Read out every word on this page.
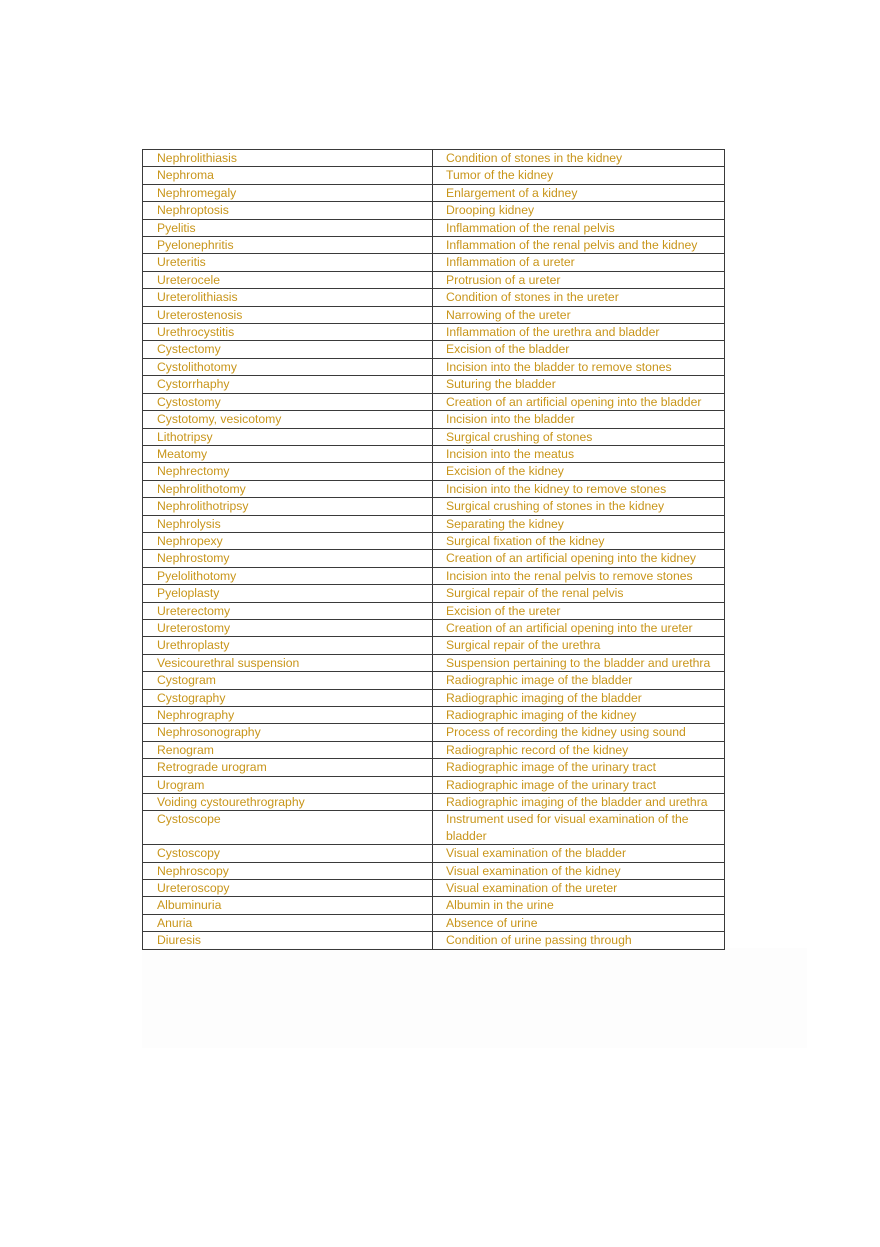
Nephrolithiasis	Condition of stones in the kidney
Nephroma	Tumor of the kidney
Nephromegaly	Enlargement of a kidney
Nephroptosis	Drooping kidney
Pyelitis	Inflammation of the renal pelvis
Pyelonephritis	Inflammation of the renal pelvis and the kidney
Ureteritis	Inflammation of a ureter
Ureterocele	Protrusion of a ureter
Ureterolithiasis	Condition of stones in the ureter
Ureterostenosis	Narrowing of the ureter
Urethrocystitis	Inflammation of the urethra and bladder
Cystectomy	Excision of the bladder
Cystolithotomy	Incision into the bladder to remove stones
Cystorrhaphy	Suturing the bladder
Cystostomy	Creation of an artificial opening into the bladder
Cystotomy, vesicotomy	Incision into the bladder
Lithotripsy	Surgical crushing of stones
Meatomy	Incision into the meatus
Nephrectomy	Excision of the kidney
Nephrolithotomy	Incision into the kidney to remove stones
Nephrolithotripsy	Surgical crushing of stones in the kidney
Nephrolysis	Separating the kidney
Nephropexy	Surgical fixation of the kidney
Nephrostomy	Creation of an artificial opening into the kidney
Pyelolithotomy	Incision into the renal pelvis to remove stones
Pyeloplasty	Surgical repair of the renal pelvis
Ureterectomy	Excision of the ureter
Ureterostomy	Creation of an artificial opening into the ureter
Urethroplasty	Surgical repair of the urethra
Vesicourethral suspension	Suspension pertaining to the bladder and urethra
Cystogram	Radiographic image of the bladder
Cystography	Radiographic imaging of the bladder
Nephrography	Radiographic imaging of the kidney
Nephrosonography	Process of recording the kidney using sound
Renogram	Radiographic record of the kidney
Retrograde urogram	Radiographic image of the urinary tract
Urogram	Radiographic image of the urinary tract
Voiding cystourethrography	Radiographic imaging of the bladder and urethra
Cystoscope	Instrument used for visual examination of the bladder
Cystoscopy	Visual examination of the bladder
Nephroscopy	Visual examination of the kidney
Ureteroscopy	Visual examination of the ureter
Albuminuria	Albumin in the urine
Anuria	Absence of urine
Diuresis	Condition of urine passing through
